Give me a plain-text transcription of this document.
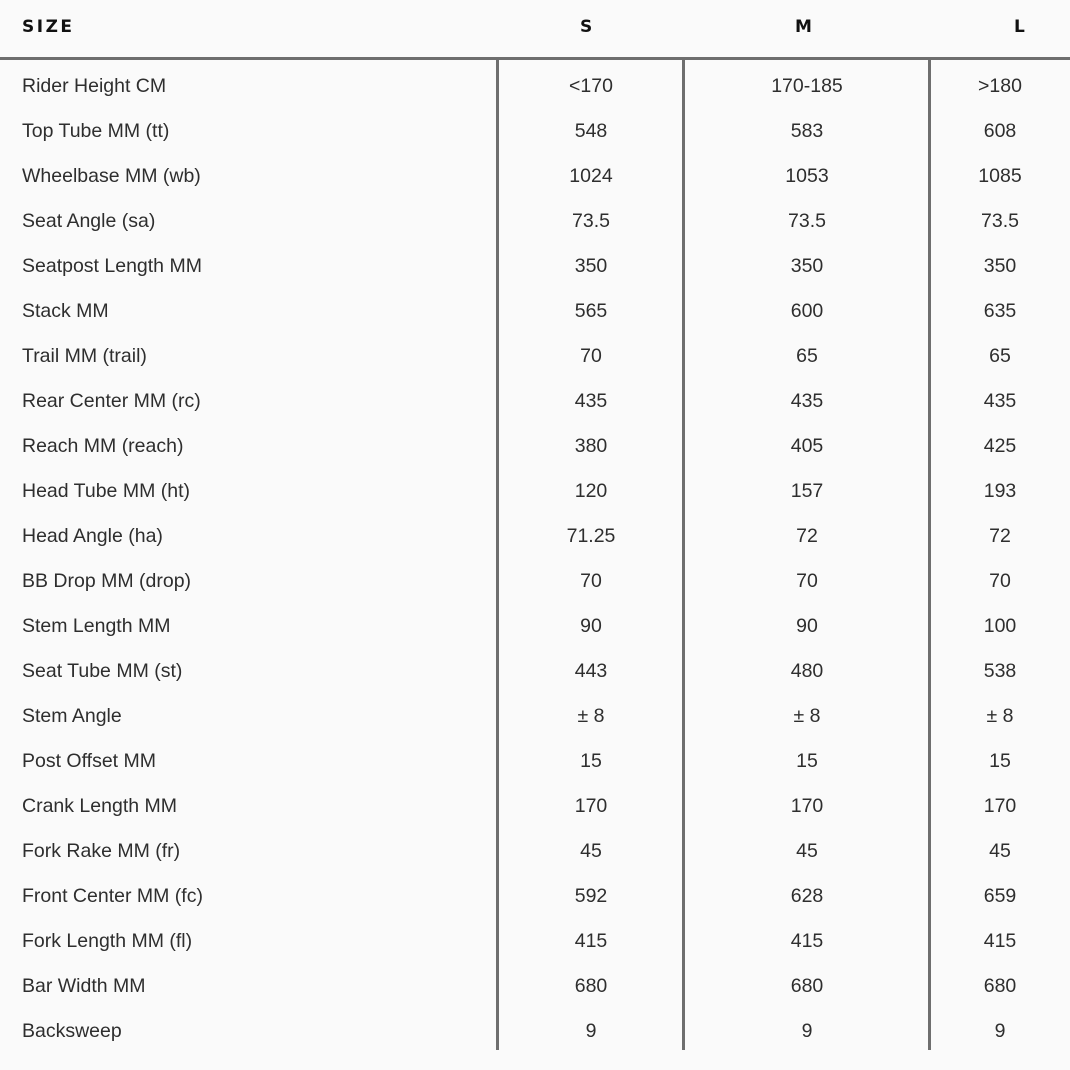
SIZE	S	M	L
Rider Height CM	<170	170-185	>180
Top Tube MM (tt)	548	583	608
Wheelbase MM (wb)	1024	1053	1085
Seat Angle (sa)	73.5	73.5	73.5
Seatpost Length MM	350	350	350
Stack MM	565	600	635
Trail MM (trail)	70	65	65
Rear Center MM (rc)	435	435	435
Reach MM (reach)	380	405	425
Head Tube MM (ht)	120	157	193
Head Angle (ha)	71.25	72	72
BB Drop MM (drop)	70	70	70
Stem Length MM	90	90	100
Seat Tube MM (st)	443	480	538
Stem Angle	± 8	± 8	± 8
Post Offset MM	15	15	15
Crank Length MM	170	170	170
Fork Rake MM (fr)	45	45	45
Front Center MM (fc)	592	628	659
Fork Length MM (fl)	415	415	415
Bar Width MM	680	680	680
Backsweep	9	9	9
